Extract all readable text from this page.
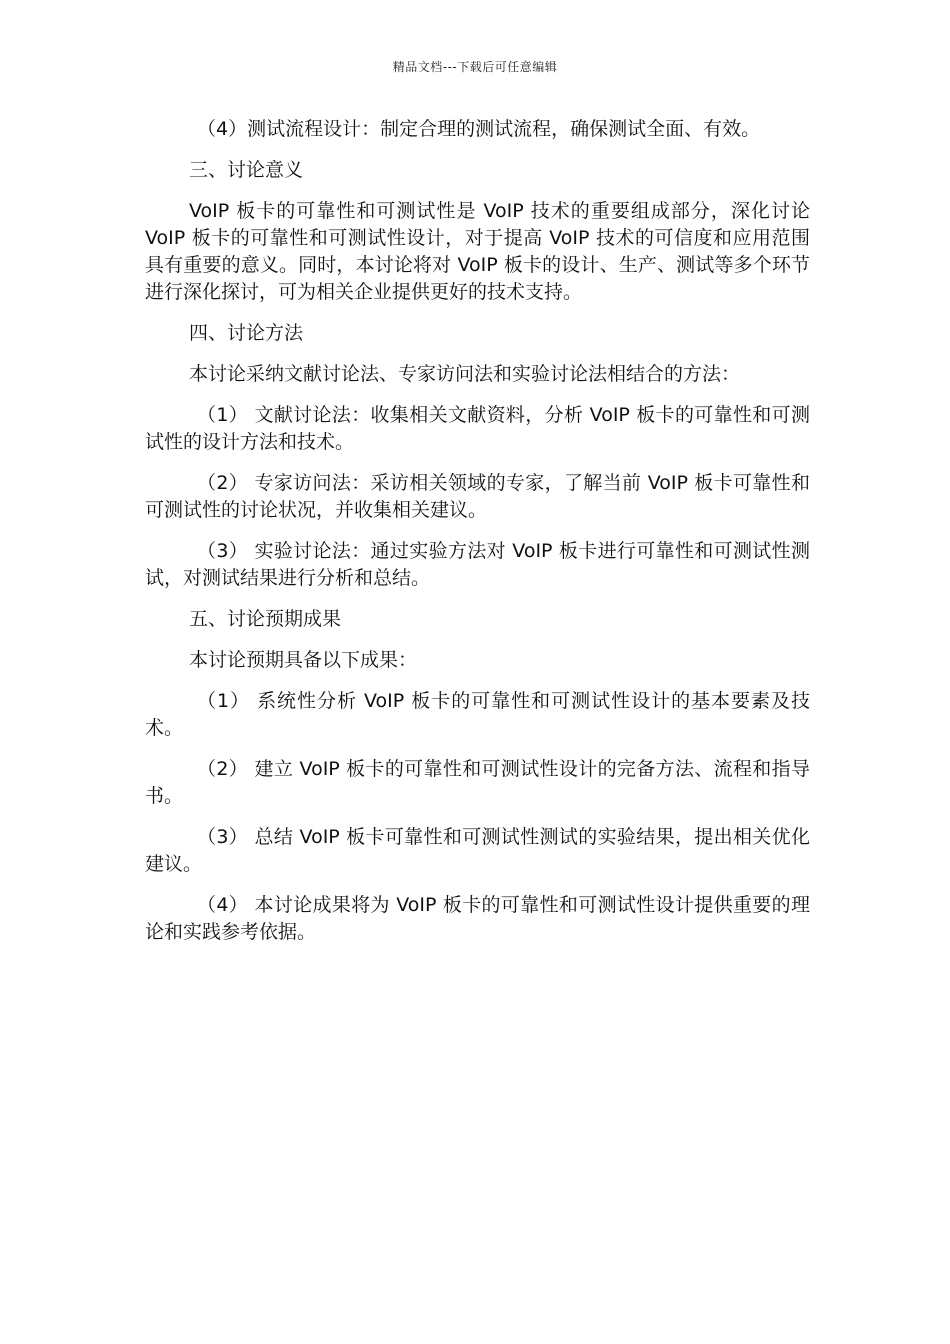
精品文档---下载后可任意编辑

（4）测试流程设计：制定合理的测试流程，确保测试全面、有效。

三、讨论意义

VoIP 板卡的可靠性和可测试性是 VoIP 技术的重要组成部分，深化讨论 VoIP 板卡的可靠性和可测试性设计，对于提高 VoIP 技术的可信度和应用范围具有重要的意义。同时，本讨论将对 VoIP 板卡的设计、生产、测试等多个环节进行深化探讨，可为相关企业提供更好的技术支持。

四、讨论方法

本讨论采纳文献讨论法、专家访问法和实验讨论法相结合的方法：

（1） 文献讨论法：收集相关文献资料，分析 VoIP 板卡的可靠性和可测试性的设计方法和技术。

（2） 专家访问法：采访相关领域的专家，了解当前 VoIP 板卡可靠性和可测试性的讨论状况，并收集相关建议。

（3） 实验讨论法：通过实验方法对 VoIP 板卡进行可靠性和可测试性测试，对测试结果进行分析和总结。

五、讨论预期成果

本讨论预期具备以下成果：

（1） 系统性分析 VoIP 板卡的可靠性和可测试性设计的基本要素及技术。

（2） 建立 VoIP 板卡的可靠性和可测试性设计的完备方法、流程和指导书。

（3） 总结 VoIP 板卡可靠性和可测试性测试的实验结果，提出相关优化建议。

（4） 本讨论成果将为 VoIP 板卡的可靠性和可测试性设计提供重要的理论和实践参考依据。
